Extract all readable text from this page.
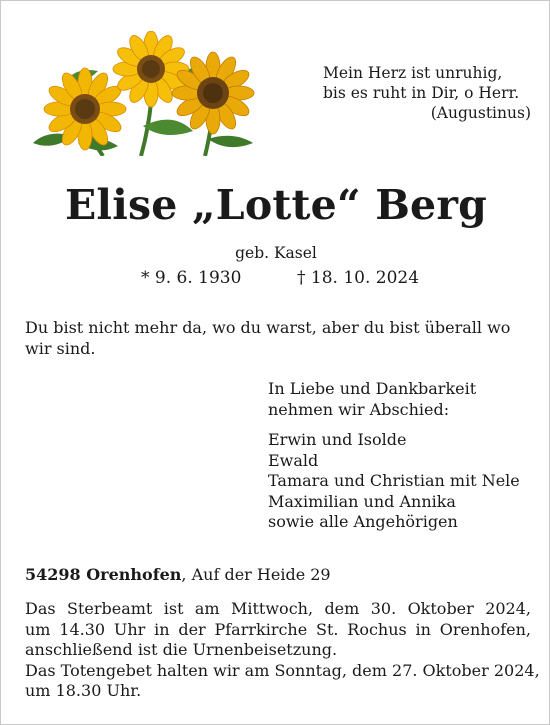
Mein Herz ist unruhig,
bis es ruht in Dir, o Herr.
(Augustinus)
Elise „Lotte“ Berg
geb. Kasel
* 9. 6. 1930	† 18. 10. 2024
Du bist nicht mehr da, wo du warst, aber du bist überall wo wir sind.
In Liebe und Dankbarkeit
nehmen wir Abschied:
Erwin und Isolde
Ewald
Tamara und Christian mit Nele
Maximilian und Annika
sowie alle Angehörigen
54298 Orenhofen, Auf der Heide 29
Das Sterbeamt ist am Mittwoch, dem 30. Oktober 2024,
um 14.30 Uhr in der Pfarrkirche St. Rochus in Orenhofen,
anschließend ist die Urnenbeisetzung.
Das Totengebet halten wir am Sonntag, dem 27. Oktober 2024,
um 18.30 Uhr.
